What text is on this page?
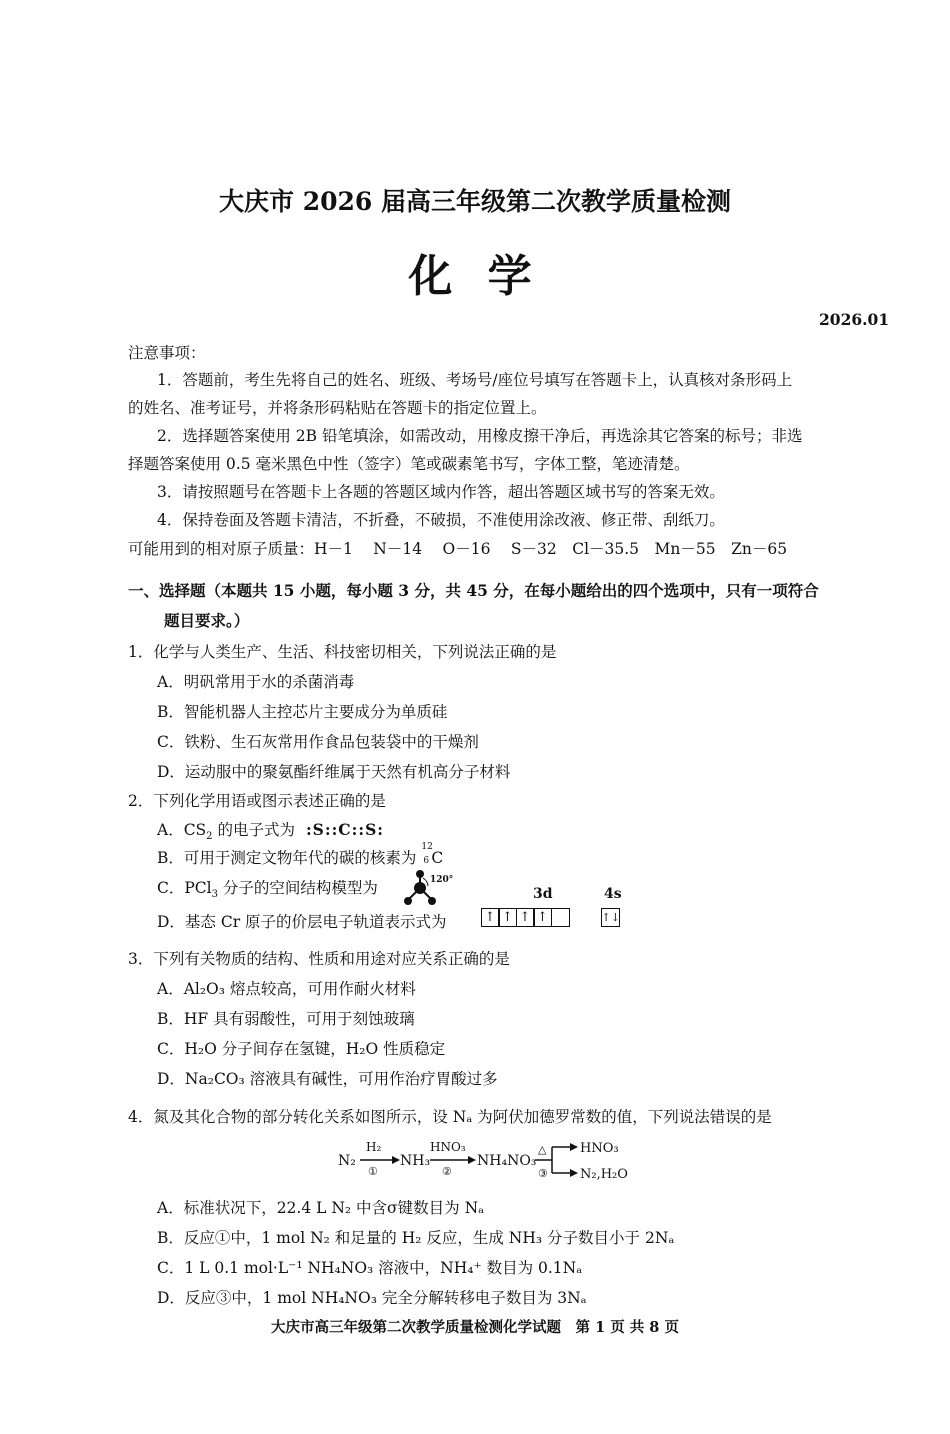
大庆市 2026 届高三年级第二次教学质量检测
化 学
2026.01
注意事项：
1．答题前，考生先将自己的姓名、班级、考场号/座位号填写在答题卡上，认真核对条形码上
的姓名、准考证号，并将条形码粘贴在答题卡的指定位置上。
2．选择题答案使用 2B 铅笔填涂，如需改动，用橡皮擦干净后，再选涂其它答案的标号；非选
择题答案使用 0.5 毫米黑色中性（签字）笔或碳素笔书写，字体工整，笔迹清楚。
3．请按照题号在答题卡上各题的答题区域内作答，超出答题区域书写的答案无效。
4．保持卷面及答题卡清洁，不折叠，不破损，不准使用涂改液、修正带、刮纸刀。
可能用到的相对原子质量：H－1　 N－14　 O－16　 S－32　Cl－35.5　Mn－55　Zn－65
一、选择题（本题共 15 小题，每小题 3 分，共 45 分，在每小题给出的四个选项中，只有一项符合
题目要求。）
1．化学与人类生产、生活、科技密切相关，下列说法正确的是
A．明矾常用于水的杀菌消毒
B．智能机器人主控芯片主要成分为单质硅
C．铁粉、生石灰常用作食品包装袋中的干燥剂
D．运动服中的聚氨酯纤维属于天然有机高分子材料
2．下列化学用语或图示表述正确的是
A．$CS_2$ 的电子式为 :S::C::S:
B．可用于测定文物年代的碳的核素为
12
6 C
C．PCl$_3$ 分子的空间结构模型为	120°
D．基态 Cr 原子的价层电子轨道表示式为
3d	4s
↑ ↑ ↑ ↑	↑↓
3．下列有关物质的结构、性质和用途对应关系正确的是
A．Al₂O₃ 熔点较高，可用作耐火材料
B．HF 具有弱酸性，可用于刻蚀玻璃
C．H₂O 分子间存在氢键，H₂O 性质稳定
D．Na₂CO₃ 溶液具有碱性，可用作治疗胃酸过多
4．氮及其化合物的部分转化关系如图所示，设 Nₐ 为阿伏加德罗常数的值，下列说法错误的是
N₂
H₂
①
NH₃
HNO₃
②
NH₄NO₃
△
③
HNO₃
N₂,H₂O
A．标准状况下，22.4 L N₂ 中含σ键数目为 Nₐ
B．反应①中，1 mol N₂ 和足量的 H₂ 反应，生成 NH₃ 分子数目小于 2Nₐ
C．1 L 0.1 mol·L⁻¹ NH₄NO₃ 溶液中，NH₄⁺ 数目为 0.1Nₐ
D．反应③中，1 mol NH₄NO₃ 完全分解转移电子数目为 3Nₐ
大庆市高三年级第二次教学质量检测化学试题　第 1 页 共 8 页
